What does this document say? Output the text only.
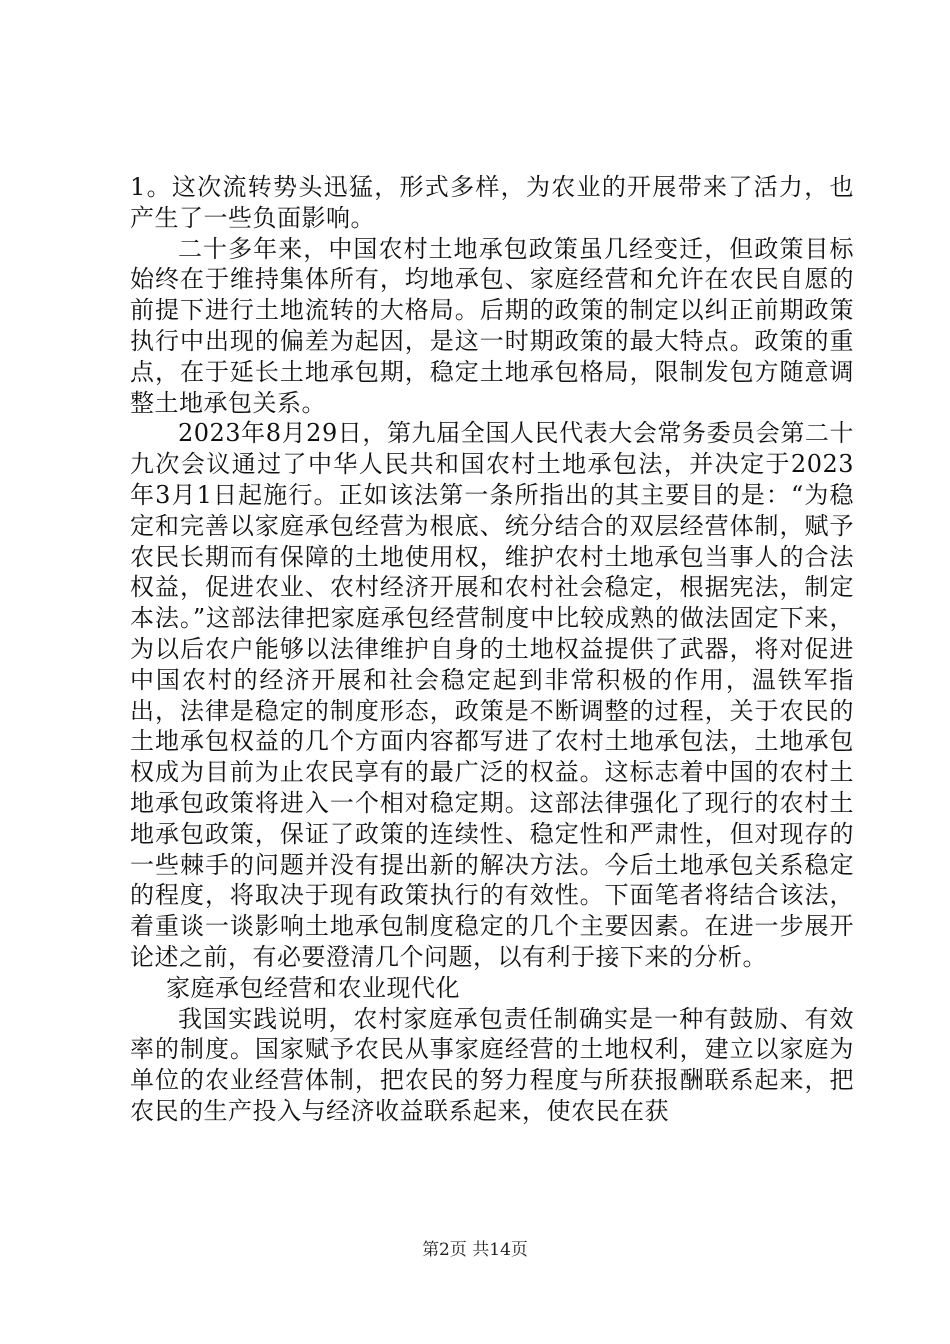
1。这次流转势头迅猛，形式多样，为农业的开展带来了活力，也产生了一些负面影响。

二十多年来，中国农村土地承包政策虽几经变迁，但政策目标始终在于维持集体所有，均地承包、家庭经营和允许在农民自愿的前提下进行土地流转的大格局。后期的政策的制定以纠正前期政策执行中出现的偏差为起因，是这一时期政策的最大特点。政策的重点，在于延长土地承包期，稳定土地承包格局，限制发包方随意调整土地承包关系。

2023年8月29日，第九届全国人民代表大会常务委员会第二十九次会议通过了中华人民共和国农村土地承包法，并决定于2023年3月1日起施行。正如该法第一条所指出的其主要目的是：“为稳定和完善以家庭承包经营为根底、统分结合的双层经营体制，赋予农民长期而有保障的土地使用权，维护农村土地承包当事人的合法权益，促进农业、农村经济开展和农村社会稳定，根据宪法，制定本法。”这部法律把家庭承包经营制度中比较成熟的做法固定下来，为以后农户能够以法律维护自身的土地权益提供了武器，将对促进中国农村的经济开展和社会稳定起到非常积极的作用，温铁军指出，法律是稳定的制度形态，政策是不断调整的过程，关于农民的土地承包权益的几个方面内容都写进了农村土地承包法，土地承包权成为目前为止农民享有的最广泛的权益。这标志着中国的农村土地承包政策将进入一个相对稳定期。这部法律强化了现行的农村土地承包政策，保证了政策的连续性、稳定性和严肃性，但对现存的一些棘手的问题并没有提出新的解决方法。今后土地承包关系稳定的程度，将取决于现有政策执行的有效性。下面笔者将结合该法，着重谈一谈影响土地承包制度稳定的几个主要因素。在进一步展开论述之前，有必要澄清几个问题，以有利于接下来的分析。

家庭承包经营和农业现代化

我国实践说明，农村家庭承包责任制确实是一种有鼓励、有效率的制度。国家赋予农民从事家庭经营的土地权利，建立以家庭为单位的农业经营体制，把农民的努力程度与所获报酬联系起来，把农民的生产投入与经济收益联系起来，使农民在获

第2页 共14页
